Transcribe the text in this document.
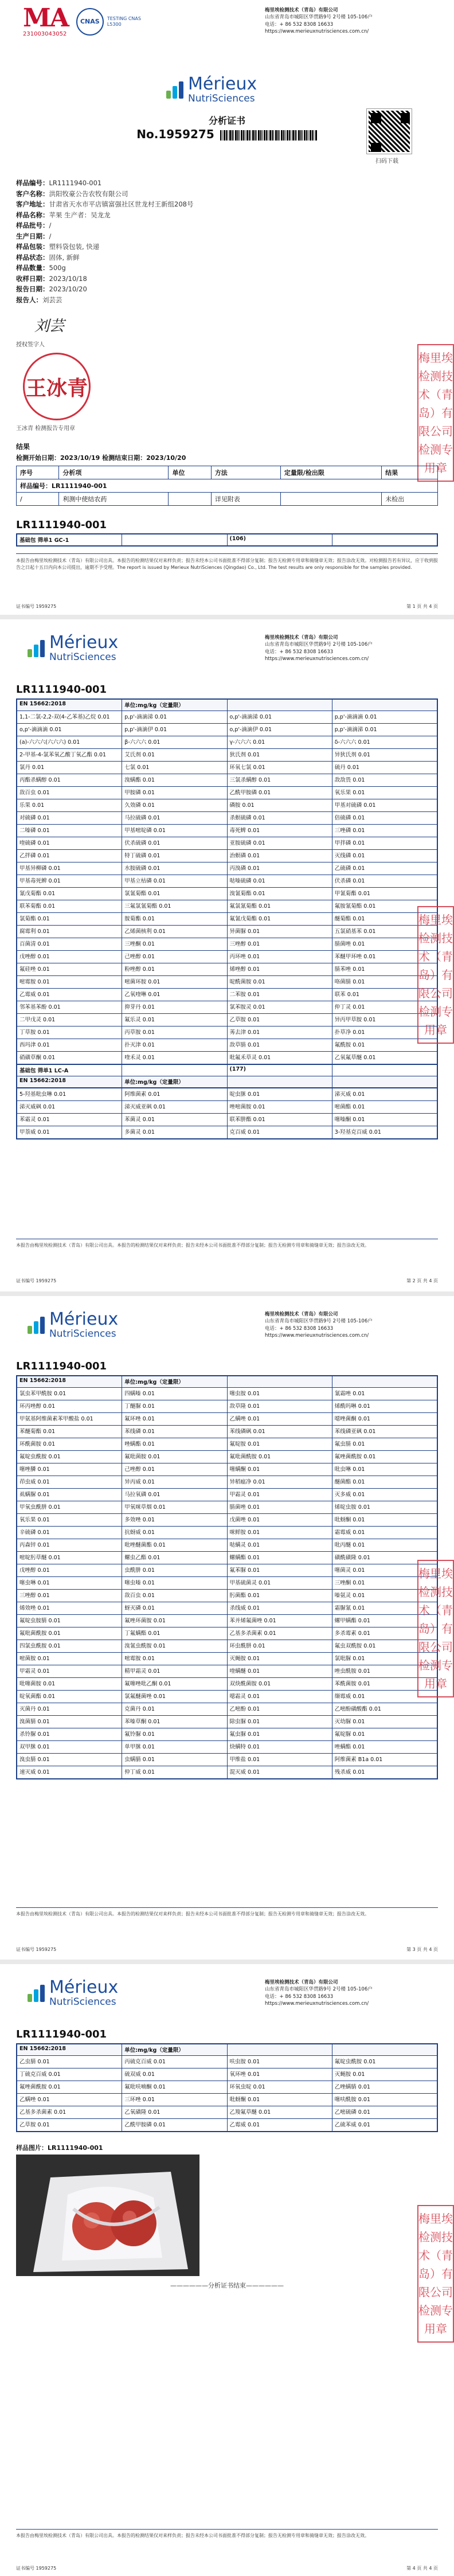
MA
231003043052
CNAS TESTING CNAS L5300
梅里埃检测技术（青岛）有限公司
山东省青岛市城阳区华贯路9号 2号楼 105-106户
电话：+ 86 532 8308 16633
https://www.merieuxnutrisciences.com.cn/
Mérieux
NutriSciences
分析证书
No.1959275
扫码下载
样品编号：LR1111940-001
客户名称：洪阳牧豪公告农牧有限公司
客户地址：甘肃省天水市平店镇富强社区世龙村王新组2​08号
样品名称：苹果 生产者：吴龙龙
样品批号：/
生产日期：/
样品包装：塑料袋包装, 快递
样品状态：固体, 新鲜
样品数量：500g
收样日期：2023/10/18
报告日期：2023/10/20
报告人：刘芸芸
刘芸
授权签字人
王冰青
王冰青 检测报告专用章
梅里埃检测技术（青岛）有限公司 检测专用章
结果
检测开始日期：2023/10/19 检测结束日期：2023/10/20
序号	分析项	单位	方法	定量限/检出限	结果
样品编号：LR1111940-001					
/	利测中使结农药		详见附表		未检出
LR1111940-001
基础包 筛单1 GC-1		(106)	
本报告由梅里埃检测技术（青岛）有限公司出具。本报告的检测结果仅对来样负责；报告未经本公司书面批准不得部分复制；报告无检测专用章和骑缝章无效；报告涂改无效。对检测报告若有异议，应于收到报告之日起十五日内向本公司提出，逾期不予受理。The report is issued by Merieux NutriSciences (Qingdao) Co., Ltd. The test results are only responsible for the samples provided.
证书编号 1959275	第 1 页 共 4 页
Mérieux
NutriSciences
梅里埃检测技术（青岛）有限公司
山东省青岛市城阳区华贯路9号 2号楼 105-106户
电话：+ 86 532 8308 16633
https://www.merieuxnutrisciences.com.cn/
LR1111940-001
EN 15662:2018	单位:mg/kg（定量限）		
1,1-二氯-2,2-双(4-乙苯基)乙烷 0.01	p,p'-滴滴涕 0.01	o,p'-滴滴涕 0.01	p,p'-滴滴滴 0.01
o,p'-滴滴滴 0.01	p,p'-滴滴伊 0.01	o,p'-滴滴伊 0.01	p,p'-滴滴涕 0.01
(a)-六六六(六六六) 0.01	β-六六六 0.01	γ-六六六 0.01	δ-六六六 0.01
2-甲基-4-氯苯氧乙酸丁氧乙酯 0.01	艾氏剂 0.01	狄氏剂 0.01	异狄氏剂 0.01
氯丹 0.01	七氯 0.01	环氧七氯 0.01	硫丹 0.01
丙酯杀螨醇 0.01	溴螨酯 0.01	三氯杀螨醇 0.01	敌敌畏 0.01
敌百虫 0.01	甲胺磷 0.01	乙酰甲胺磷 0.01	氧乐果 0.01
乐果 0.01	久效磷 0.01	磷胺 0.01	甲基对硫磷 0.01
对硫磷 0.01	马拉硫磷 0.01	杀螟硫磷 0.01	倍硫磷 0.01
二嗪磷 0.01	甲基嘧啶磷 0.01	毒死蜱 0.01	三唑磷 0.01
喹硫磷 0.01	伏杀硫磷 0.01	亚胺硫磷 0.01	甲拌磷 0.01
乙拌磷 0.01	特丁硫磷 0.01	治螟磷 0.01	灭线磷 0.01
甲基异柳磷 0.01	水胺硫磷 0.01	丙溴磷 0.01	乙硫磷 0.01
甲基毒死蜱 0.01	甲基立枯磷 0.01	哒嗪硫磷 0.01	伏杀磷 0.01
氰戊菊酯 0.01	氯氰菊酯 0.01	溴氰菊酯 0.01	甲氰菊酯 0.01
联苯菊酯 0.01	三氟氯氰菊酯 0.01	氟氯氰菊酯 0.01	氟胺氰菊酯 0.01
氯菊酯 0.01	胺菊酯 0.01	氟氰戊菊酯 0.01	醚菊酯 0.01
腐霉利 0.01	乙烯菌核利 0.01	异菌脲 0.01	五氯硝基苯 0.01
百菌清 0.01	三唑酮 0.01	三唑醇 0.01	腈菌唑 0.01
戊唑醇 0.01	己唑醇 0.01	丙环唑 0.01	苯醚甲环唑 0.01
氟硅唑 0.01	粉唑醇 0.01	烯唑醇 0.01	腈苯唑 0.01
嘧霉胺 0.01	嘧菌环胺 0.01	啶酰菌胺 0.01	咯菌腈 0.01
乙霉威 0.01	乙氧喹啉 0.01	二苯胺 0.01	联苯 0.01
邻苯基苯酚 0.01	抑芽丹 0.01	氯苯胺灵 0.01	仲丁灵 0.01
二甲戊灵 0.01	氟乐灵 0.01	乙草胺 0.01	异丙甲草胺 0.01
丁草胺 0.01	丙草胺 0.01	莠去津 0.01	扑草净 0.01
西玛津 0.01	扑灭津 0.01	敌草腈 0.01	氟酰胺 0.01
硝磺草酮 0.01	喹禾灵 0.01	吡氟禾草灵 0.01	乙氧氟草醚 0.01
基础包 筛单1 LC-A		(177)	
EN 15662:2018	单位:mg/kg（定量限）		
5-羟基吡虫啉 0.01	阿维菌素 0.01	啶虫脒 0.01	涕灭威 0.01
涕灭威砜 0.01	涕灭威亚砜 0.01	唑嘧菌胺 0.01	嘧菌酯 0.01
苯霜灵 0.01	苯菌灵 0.01	联苯肼酯 0.01	噻嗪酮 0.01
甲萘威 0.01	多菌灵 0.01	克百威 0.01	3-羟基克百威 0.01
梅里埃检测技术（青岛）有限公司 检测专用章
本报告由梅里埃检测技术（青岛）有限公司出具。本报告的检测结果仅对来样负责；报告未经本公司书面批准不得部分复制；报告无检测专用章和骑缝章无效；报告涂改无效。
证书编号 1959275	第 2 页 共 4 页
Mérieux
NutriSciences
梅里埃检测技术（青岛）有限公司
山东省青岛市城阳区华贯路9号 2号楼 105-106户
电话：+ 86 532 8308 16633
https://www.merieuxnutrisciences.com.cn/
LR1111940-001
EN 15662:2018	单位:mg/kg（定量限）		
氯虫苯甲酰胺 0.01	四螨嗪 0.01	噻虫胺 0.01	氰霜唑 0.01
环丙唑醇 0.01	丁醚脲 0.01	敌草隆 0.01	烯酰吗啉 0.01
甲氨基阿维菌素苯甲酸盐 0.01	氟环唑 0.01	乙螨唑 0.01	噁唑菌酮 0.01
苯醚菊酯 0.01	苯线磷 0.01	苯线磷砜 0.01	苯线磷亚砜 0.01
环酰菌胺 0.01	唑螨酯 0.01	氟啶胺 0.01	氟虫腈 0.01
氟啶虫酰胺 0.01	氟吡菌胺 0.01	氟吡菌酰胺 0.01	氟唑菌酰胺 0.01
噻唑膦 0.01	己唑醇 0.01	噻螨酮 0.01	吡虫啉 0.01
茚虫威 0.01	异丙威 0.01	异稻瘟净 0.01	醚菌酯 0.01
虱螨脲 0.01	马拉氧磷 0.01	甲霜灵 0.01	灭多威 0.01
甲氧虫酰肼 0.01	甲氧咪草烟 0.01	腈菌唑 0.01	烯啶虫胺 0.01
氧乐果 0.01	多效唑 0.01	戊菌唑 0.01	吡蚜酮 0.01
辛硫磷 0.01	抗蚜威 0.01	咪鲜胺 0.01	霜霉威 0.01
丙森锌 0.01	吡唑醚菌酯 0.01	哒螨灵 0.01	吡丙醚 0.01
嘧啶肟草醚 0.01	螺虫乙酯 0.01	螺螨酯 0.01	磺酰磺隆 0.01
戊唑醇 0.01	虫酰肼 0.01	氟苯脲 0.01	噻菌灵 0.01
噻虫啉 0.01	噻虫嗪 0.01	甲基硫菌灵 0.01	三唑酮 0.01
三唑醇 0.01	敌百虫 0.01	肟菌酯 0.01	嗪氨灵 0.01
烯效唑 0.01	蚜灭磷 0.01	杀线威 0.01	霜脲氰 0.01
氟啶虫胺腈 0.01	氟唑环菌胺 0.01	苯并烯氟菌唑 0.01	螺甲螨酯 0.01
氟吡菌酰胺 0.01	丁氟螨酯 0.01	乙基多杀菌素 0.01	多杀霉素 0.01
四氯虫酰胺 0.01	溴氰虫酰胺 0.01	环虫酰肼 0.01	氟虫双酰胺 0.01
嘧菌胺 0.01	嘧霉胺 0.01	灭蝇胺 0.01	氯吡脲 0.01
甲霜灵 0.01	精甲霜灵 0.01	喹螨醚 0.01	唑虫酰胺 0.01
吡噻菌胺 0.01	氟噻唑吡乙酮 0.01	双炔酰菌胺 0.01	苯酰菌胺 0.01
啶氧菌酯 0.01	氯氟醚菌唑 0.01	噁霜灵 0.01	缬霉威 0.01
灭菌丹 0.01	克菌丹 0.01	乙嘧酚 0.01	乙嘧酚磺酸酯 0.01
溴菌腈 0.01	苯嗪草酮 0.01	除虫脲 0.01	灭幼脲 0.01
杀铃脲 0.01	氟铃脲 0.01	氟虫脲 0.01	氟啶脲 0.01
双甲脒 0.01	单甲脒 0.01	炔螨特 0.01	唑螨酯 0.01
溴虫腈 0.01	虫螨腈 0.01	甲维盐 0.01	阿维菌素 B1a 0.01
速灭威 0.01	仲丁威 0.01	混灭威 0.01	残杀威 0.01
梅里埃检测技术（青岛）有限公司 检测专用章
本报告由梅里埃检测技术（青岛）有限公司出具。本报告的检测结果仅对来样负责；报告未经本公司书面批准不得部分复制；报告无检测专用章和骑缝章无效；报告涂改无效。
证书编号 1959275	第 3 页 共 4 页
Mérieux
NutriSciences
梅里埃检测技术（青岛）有限公司
山东省青岛市城阳区华贯路9号 2号楼 105-106户
电话：+ 86 532 8308 16633
https://www.merieuxnutrisciences.com.cn/
LR1111940-001
EN 15662:2018	单位:mg/kg（定量限）		
乙虫腈 0.01	丙硫克百威 0.01	呋虫胺 0.01	氟啶虫酰胺 0.01
丁硫克百威 0.01	硫双威 0.01	氧环唑 0.01	灭蝇胺 0.01
氟唑菌酰胺 0.01	氟吡呋喃酮 0.01	环氧虫啶 0.01	乙唑螨腈 0.01
乙螨唑 0.01	三环唑 0.01	吡蚜酮 0.01	噻呋酰胺 0.01
乙基多杀菌素 0.01	乙氧磺隆 0.01	乙羧氟草醚 0.01	乙嘧硫磷 0.01
乙草胺 0.01	乙酰甲胺磷 0.01	乙霉威 0.01	乙硫苯威 0.01
样品图片：LR1111940-001
梅里埃检测技术（青岛）有限公司 检测专用章
——————分析证书结束——————
本报告由梅里埃检测技术（青岛）有限公司出具。本报告的检测结果仅对来样负责；报告未经本公司书面批准不得部分复制；报告无检测专用章和骑缝章无效；报告涂改无效。
证书编号 1959275	第 4 页 共 4 页
